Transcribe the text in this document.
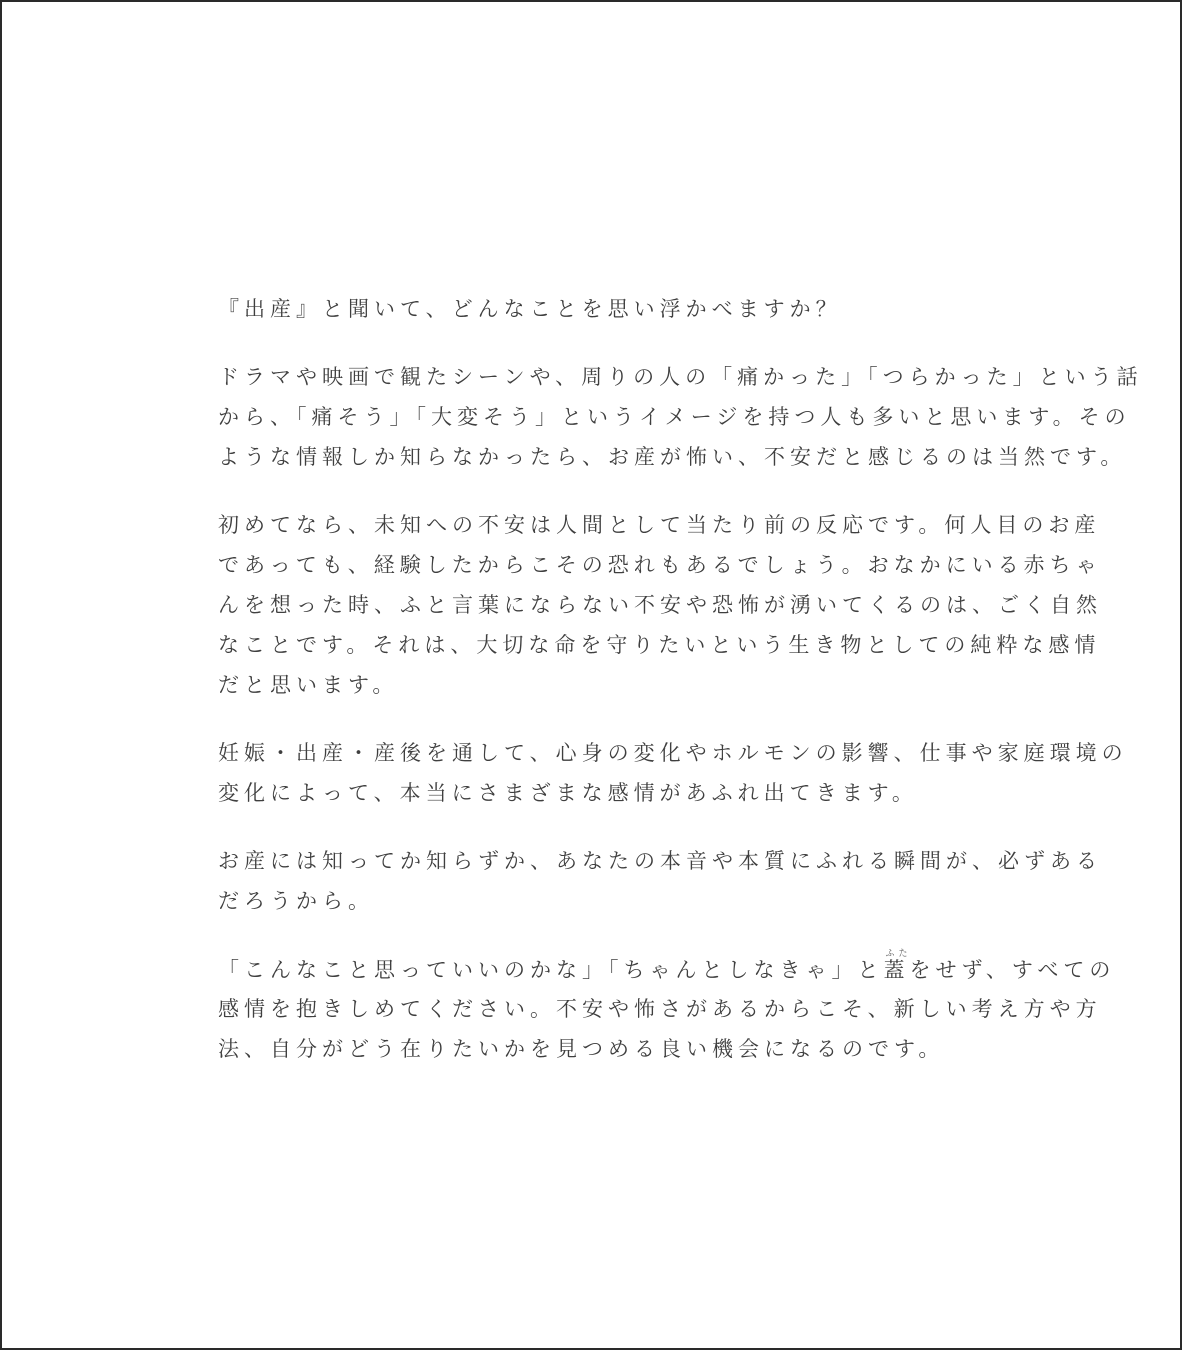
『出産』と聞いて、どんなことを思い浮かべますか？

ドラマや映画で観たシーンや、周りの人の「痛かった」「つらかった」という話
から、「痛そう」「大変そう」というイメージを持つ人も多いと思います。その
ような情報しか知らなかったら、お産が怖い、不安だと感じるのは当然です。

初めてなら、未知への不安は人間として当たり前の反応です。何人目のお産
であっても、経験したからこその恐れもあるでしょう。おなかにいる赤ちゃ
んを想った時、ふと言葉にならない不安や恐怖が湧いてくるのは、ごく自然
なことです。それは、大切な命を守りたいという生き物としての純粋な感情
だと思います。

妊娠・出産・産後を通して、心身の変化やホルモンの影響、仕事や家庭環境の
変化によって、本当にさまざまな感情があふれ出てきます。

お産には知ってか知らずか、あなたの本音や本質にふれる瞬間が、必ずある
だろうから。

「こんなこと思っていいのかな」「ちゃんとしなきゃ」と蓋ふたをせず、すべての
感情を抱きしめてください。不安や怖さがあるからこそ、新しい考え方や方
法、自分がどう在りたいかを見つめる良い機会になるのです。
